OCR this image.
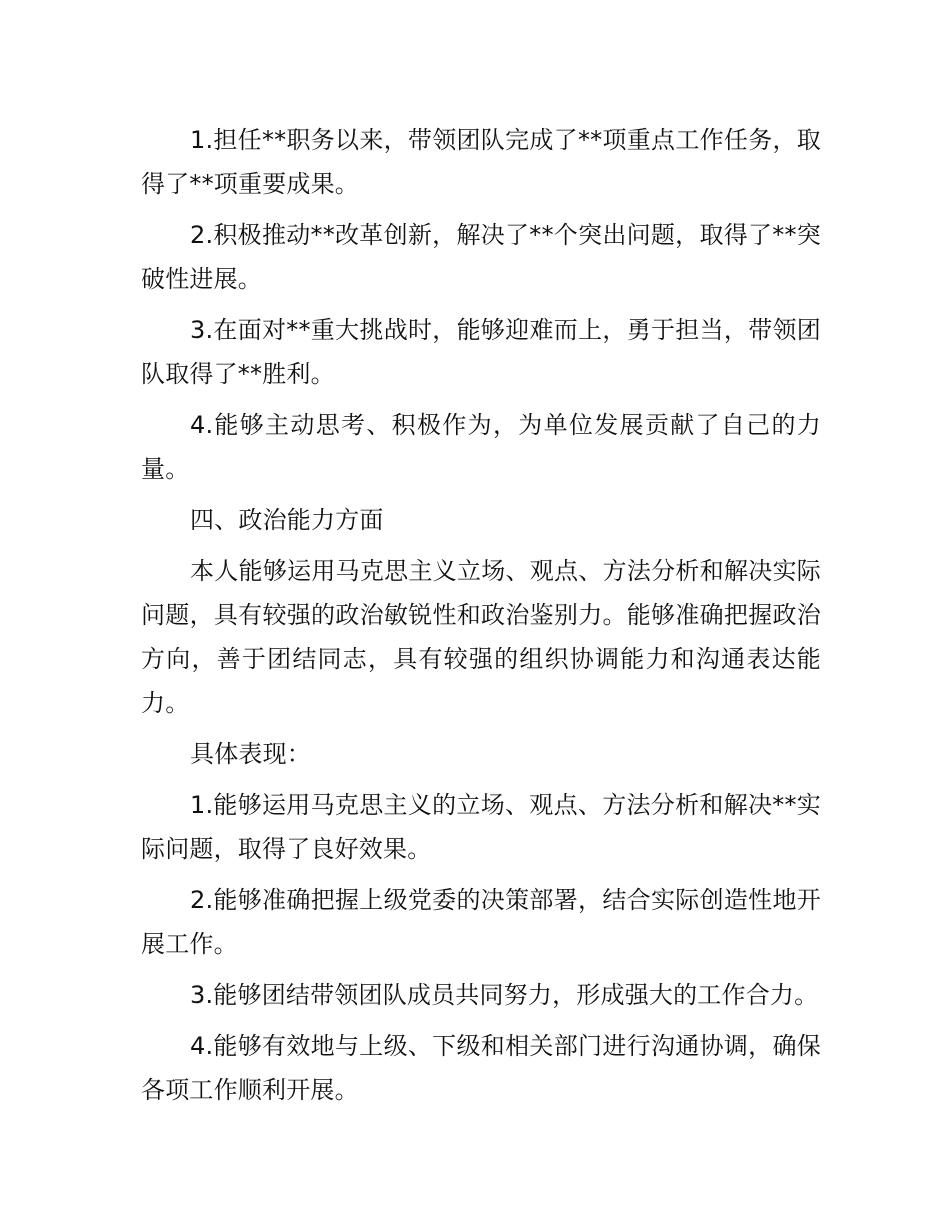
1.担任**职务以来，带领团队完成了**项重点工作任务，取得了**项重要成果。

2.积极推动**改革创新，解决了**个突出问题，取得了**突破性进展。

3.在面对**重大挑战时，能够迎难而上，勇于担当，带领团队取得了**胜利。

4.能够主动思考、积极作为，为单位发展贡献了自己的力量。

四、政治能力方面

本人能够运用马克思主义立场、观点、方法分析和解决实际问题，具有较强的政治敏锐性和政治鉴别力。能够准确把握政治方向，善于团结同志，具有较强的组织协调能力和沟通表达能力。

具体表现：

1.能够运用马克思主义的立场、观点、方法分析和解决**实际问题，取得了良好效果。

2.能够准确把握上级党委的决策部署，结合实际创造性地开展工作。

3.能够团结带领团队成员共同努力，形成强大的工作合力。

4.能够有效地与上级、下级和相关部门进行沟通协调，确保各项工作顺利开展。
